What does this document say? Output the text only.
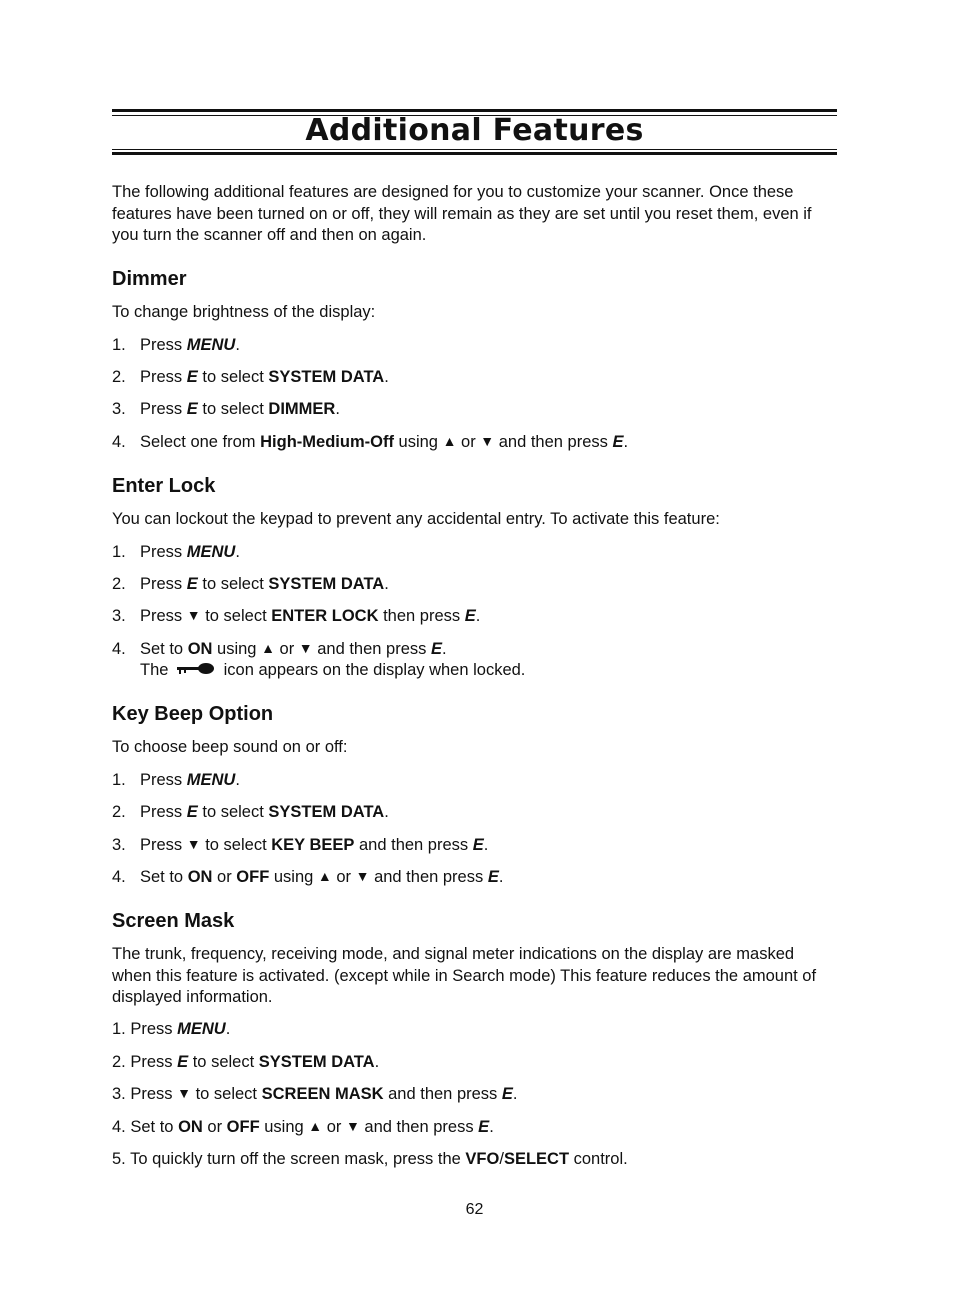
Additional Features
The following additional features are designed for you to customize your scanner. Once these features have been turned on or off, they will remain as they are set until you reset them, even if you turn the scanner off and then on again.
Dimmer
To change brightness of the display:
1. Press MENU.
2. Press E to select SYSTEM DATA.
3. Press E to select DIMMER.
4. Select one from High-Medium-Off using ▲ or ▼ and then press E.
Enter Lock
You can lockout the keypad to prevent any accidental entry. To activate this feature:
1. Press MENU.
2. Press E to select SYSTEM DATA.
3. Press ▼ to select ENTER LOCK then press E.
4. Set to ON using ▲ or ▼ and then press E.
The	icon appears on the display when locked.
Key Beep Option
To choose beep sound on or off:
1. Press MENU.
2. Press E to select SYSTEM DATA.
3. Press ▼ to select KEY BEEP and then press E.
4. Set to ON or OFF using ▲ or ▼ and then press E.
Screen Mask
The trunk, frequency, receiving mode, and signal meter indications on the display are masked when this feature is activated. (except while in Search mode) This feature reduces the amount of displayed information.
1. Press MENU.
2. Press E to select SYSTEM DATA.
3. Press ▼ to select SCREEN MASK and then press E.
4. Set to ON or OFF using ▲ or ▼ and then press E.
5. To quickly turn off the screen mask, press the VFO/SELECT control.
62
